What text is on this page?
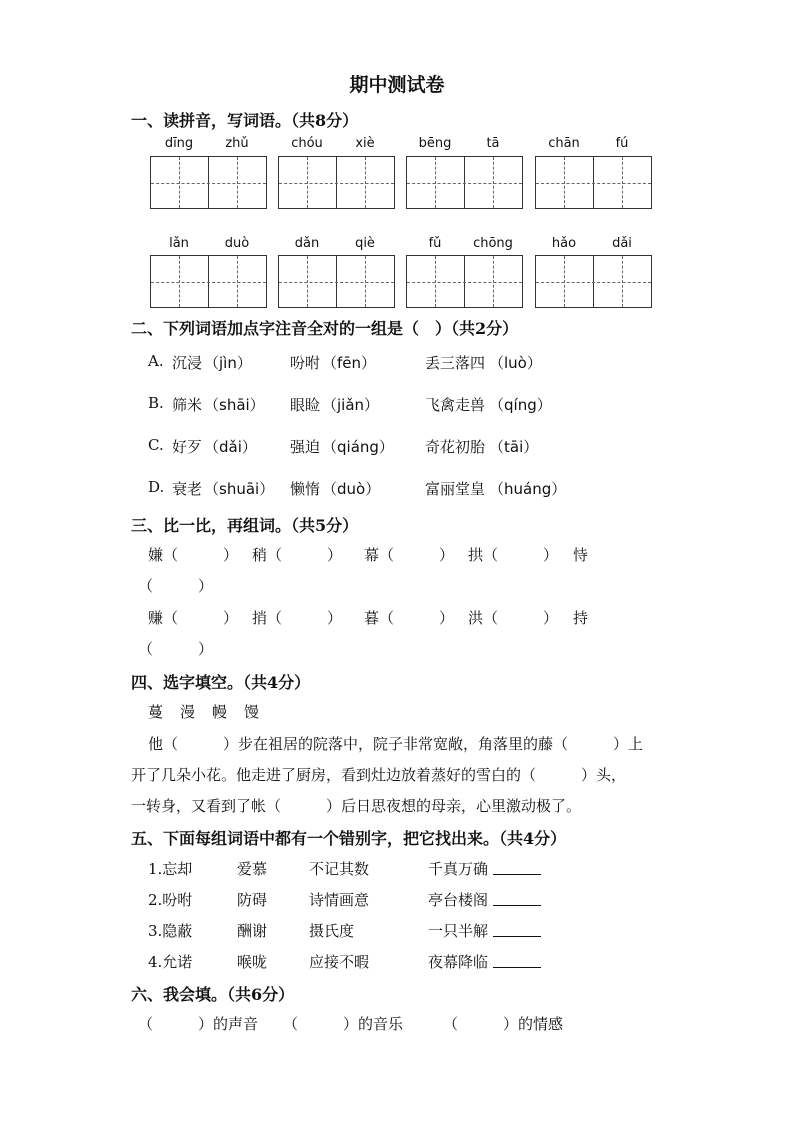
期中测试卷
一、读拼音，写词语。（共8分）
dīng	zhǔ	chóu	xiè	bēng	tā	chān	fú
lǎn	duò	dǎn	qiè	fǔ	chōng	hǎo	dǎi
二、下列词语加点字注音全对的一组是（　）（共2分）
A. 沉浸 （jìn）	吩咐 （fēn）	丢三落四 （luò）
B. 筛米 （shāi） 眼睑 （jiǎn）	飞禽走兽 （qíng）
C. 好歹 （dǎi） 强迫 （qiáng） 奇花初胎 （tāi）
D. 衰老 （shuāi） 懒惰 （duò）	富丽堂皇 （huáng）
三、比一比，再组词。（共5分）
嫌（　　　） 稍（　　　） 幕（　　　） 拱（　　　） 恃
（　　　）
赚（　　　） 捎（　　　） 暮（　　　） 洪（　　　） 持
（　　　）
四、选字填空。（共4分）
蔓　漫　幔　馒
他（　　　）步在祖居的院落中，院子非常宽敞，角落里的藤（　　　）上
开了几朵小花。他走进了厨房，看到灶边放着蒸好的雪白的（　　　）头，
一转身，又看到了帐（　　　）后日思夜想的母亲，心里激动极了。
五、下面每组词语中都有一个错别字，把它找出来。（共4分）
1.忘却	爱慕	不记其数	千真万确
2.吩咐	防碍	诗情画意	亭台楼阁
3.隐蔽	酬谢	摄氏度	一只半解
4.允诺	喉咙	应接不暇	夜幕降临
六、我会填。（共6分）
（　　　）的声音 （　　　）的音乐	（　　　）的情感
